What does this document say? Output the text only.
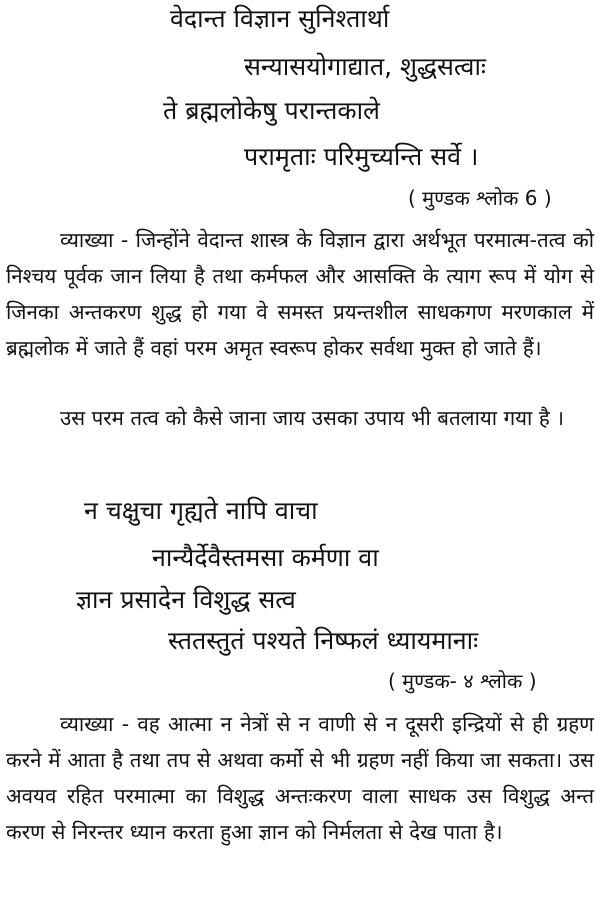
वेदान्त विज्ञान सुनिश्तार्था
सन्यासयोगाद्यात, शुद्धसत्वाः
ते ब्रह्मलोकेषु परान्तकाले
परामृताः परिमुच्यन्ति सर्वे ।
( मुण्डक श्लोक 6 )
व्याख्या - जिन्होंने वेदान्त शास्त्र के विज्ञान द्वारा अर्थभूत परमात्म-तत्व को निश्चय पूर्वक जान लिया है तथा कर्मफल और आसक्ति के त्याग रूप में योग से जिनका अन्तकरण शुद्ध हो गया वे समस्त प्रयन्तशील साधकगण मरणकाल में ब्रह्मलोक में जाते हैं वहां परम अमृत स्वरूप होकर सर्वथा मुक्त हो जाते हैं।
उस परम तत्व को कैसे जाना जाय उसका उपाय भी बतलाया गया है ।
न चक्षुचा गृह्यते नापि वाचा
नान्यैर्देवैस्तमसा कर्मणा वा
ज्ञान प्रसादेन विशुद्ध सत्व
स्ततस्तुतं पश्यते निष्फलं ध्यायमानाः
( मुण्डक- ४ श्लोक )
व्याख्या - वह आत्मा न नेत्रों से न वाणी से न दूसरी इन्द्रियों से ही ग्रहण करने में आता है तथा तप से अथवा कर्मो से भी ग्रहण नहीं किया जा सकता। उस अवयव रहित परमात्मा का विशुद्ध अन्तःकरण वाला साधक उस विशुद्ध अन्त करण से निरन्तर ध्यान करता हुआ ज्ञान को निर्मलता से देख पाता है।
